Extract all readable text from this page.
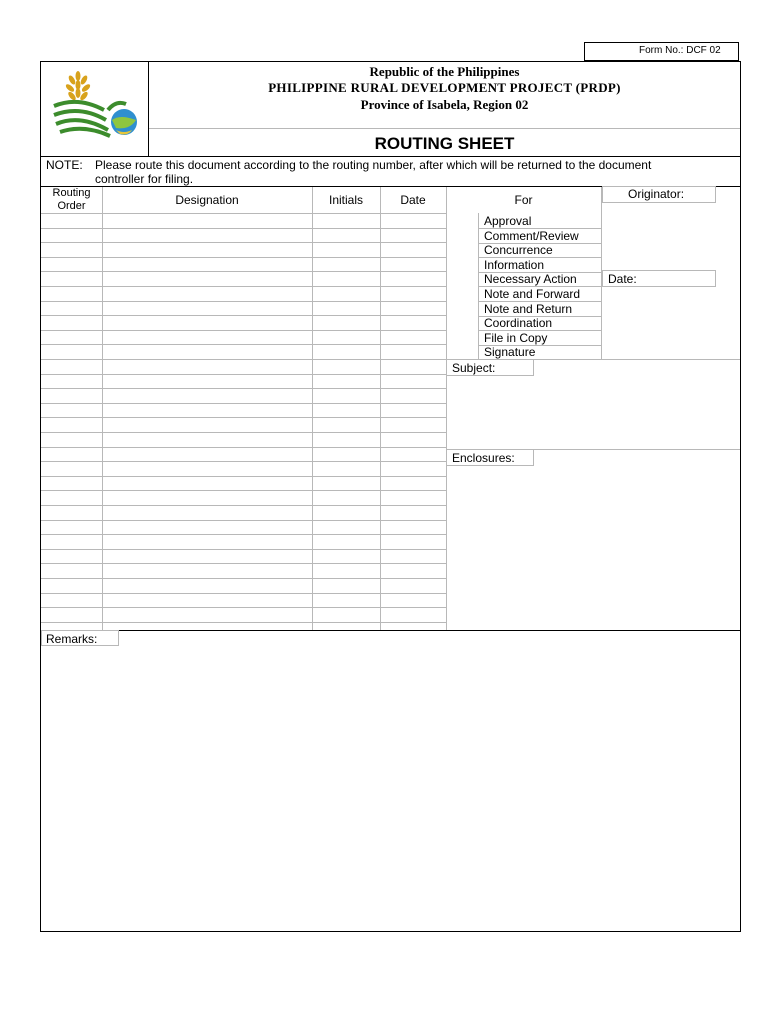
Form No.: DCF 02
Republic of the Philippines
PHILIPPINE RURAL DEVELOPMENT PROJECT (PRDP)
Province of Isabela, Region 02
ROUTING SHEET
NOTE: Please route this document according to the routing number, after which will be returned to the document
controller for filing.
Routing
Order	Designation	Initials	Date	For
Approval
Comment/Review
Concurrence
Information
Necessary Action
Note and Forward
Note and Return
Coordination
File in Copy
Signature
Originator:
Date:
Subject:
Enclosures:
Remarks:
